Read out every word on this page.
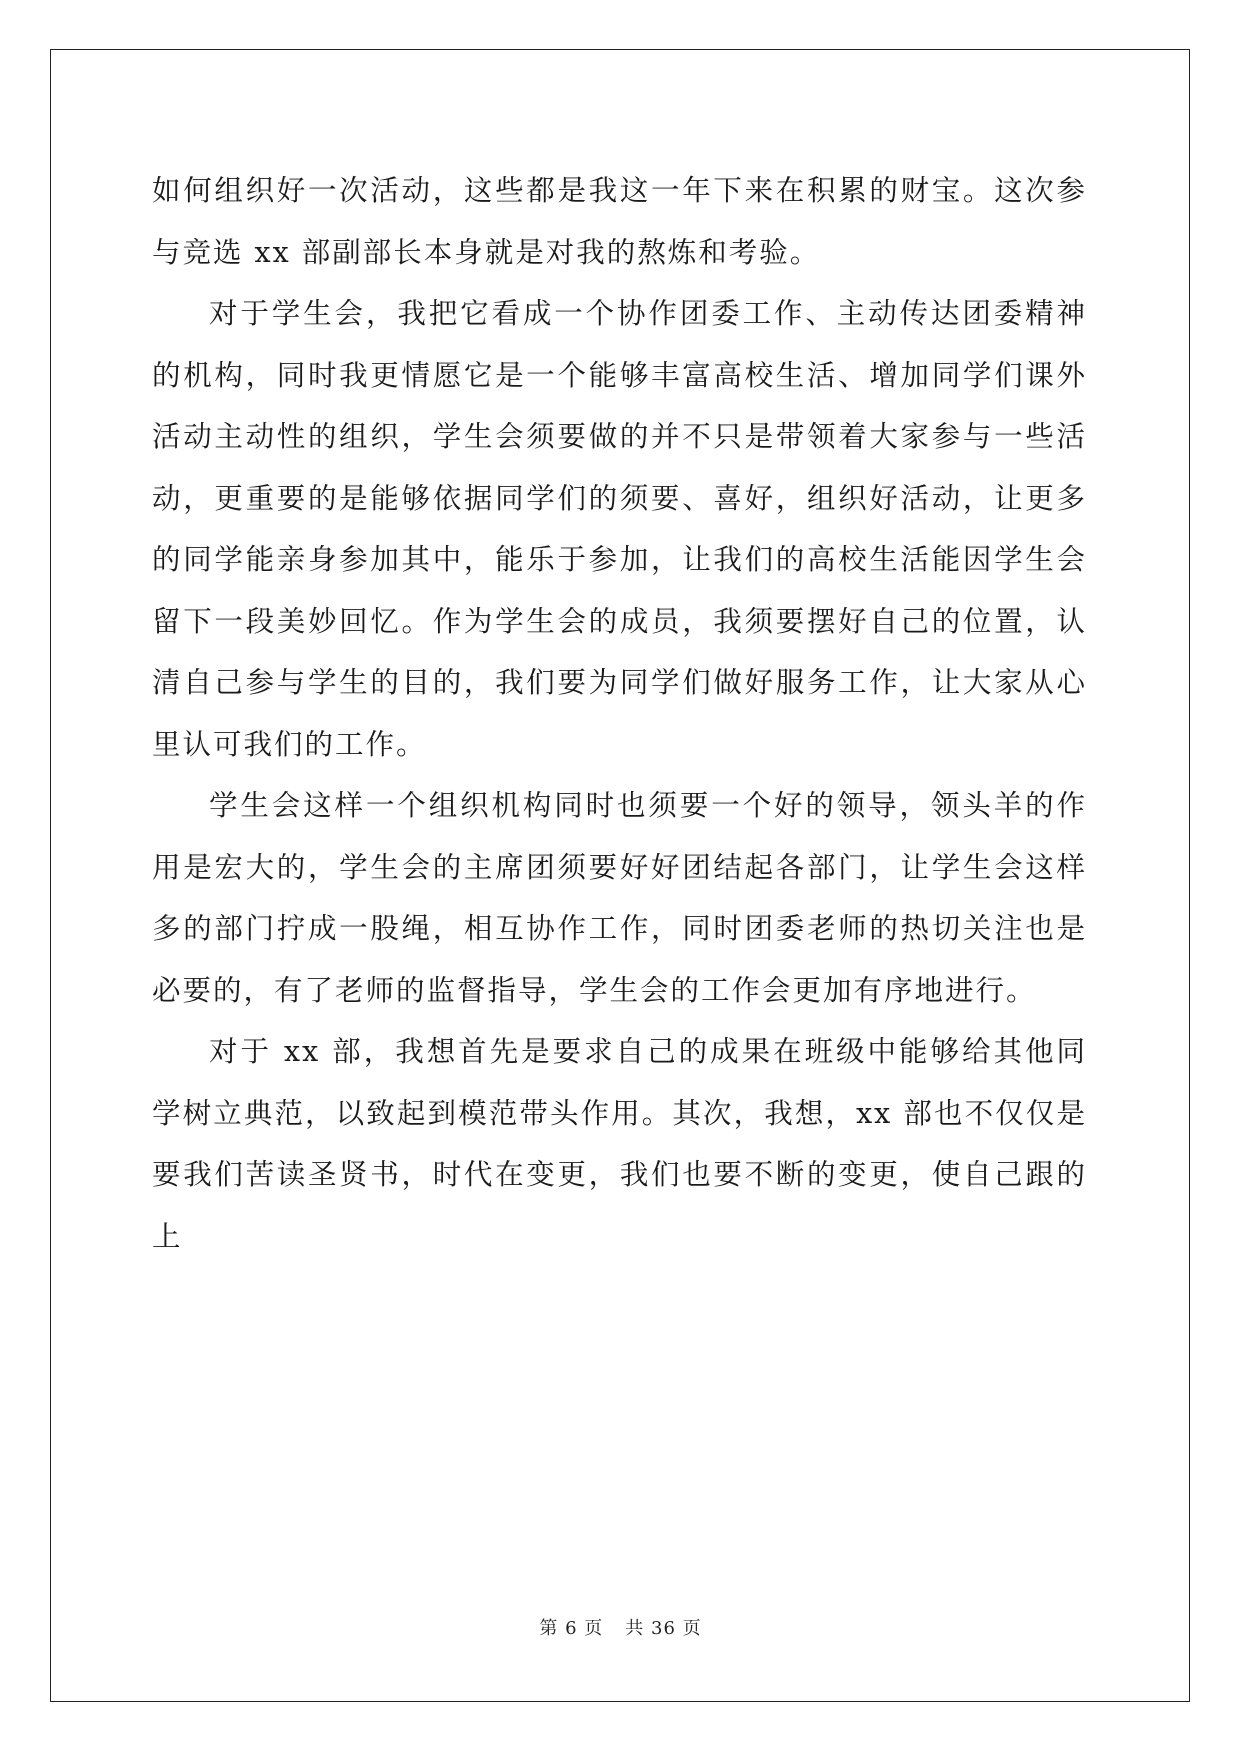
如何组织好一次活动，这些都是我这一年下来在积累的财宝。这次参与竞选 xx 部副部长本身就是对我的熬炼和考验。

对于学生会，我把它看成一个协作团委工作、主动传达团委精神的机构，同时我更情愿它是一个能够丰富高校生活、增加同学们课外活动主动性的组织，学生会须要做的并不只是带领着大家参与一些活动，更重要的是能够依据同学们的须要、喜好，组织好活动，让更多的同学能亲身参加其中，能乐于参加，让我们的高校生活能因学生会留下一段美妙回忆。作为学生会的成员，我须要摆好自己的位置，认清自己参与学生的目的，我们要为同学们做好服务工作，让大家从心里认可我们的工作。

学生会这样一个组织机构同时也须要一个好的领导，领头羊的作用是宏大的，学生会的主席团须要好好团结起各部门，让学生会这样多的部门拧成一股绳，相互协作工作，同时团委老师的热切关注也是必要的，有了老师的监督指导，学生会的工作会更加有序地进行。

对于 xx 部，我想首先是要求自己的成果在班级中能够给其他同学树立典范，以致起到模范带头作用。其次，我想，xx 部也不仅仅是要我们苦读圣贤书，时代在变更，我们也要不断的变更，使自己跟的上

第 6 页 共 36 页
